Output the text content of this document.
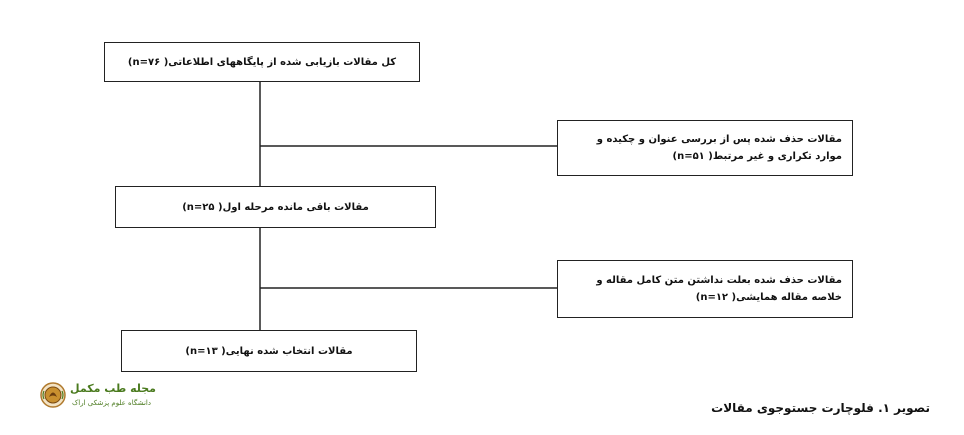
کل مقالات بازیابی شده از پایگاههای اطلاعاتی( n=۷۶)
مقالات حذف شده پس از بررسی عنوان و چکیده و
موارد تکراری و غیر مرتبط( n=۵۱)
مقالات باقی مانده مرحله اول( n=۲۵)
مقالات حذف شده بعلت نداشتن متن کامل مقاله و
خلاصه مقاله همایشی( n=۱۲)
مقالات انتخاب شده نهایی( n=۱۳)
مجله طب مکمل
دانشگاه علوم پزشکی اراک	تصویر ۱. فلوچارت جستوجوی مقالات
